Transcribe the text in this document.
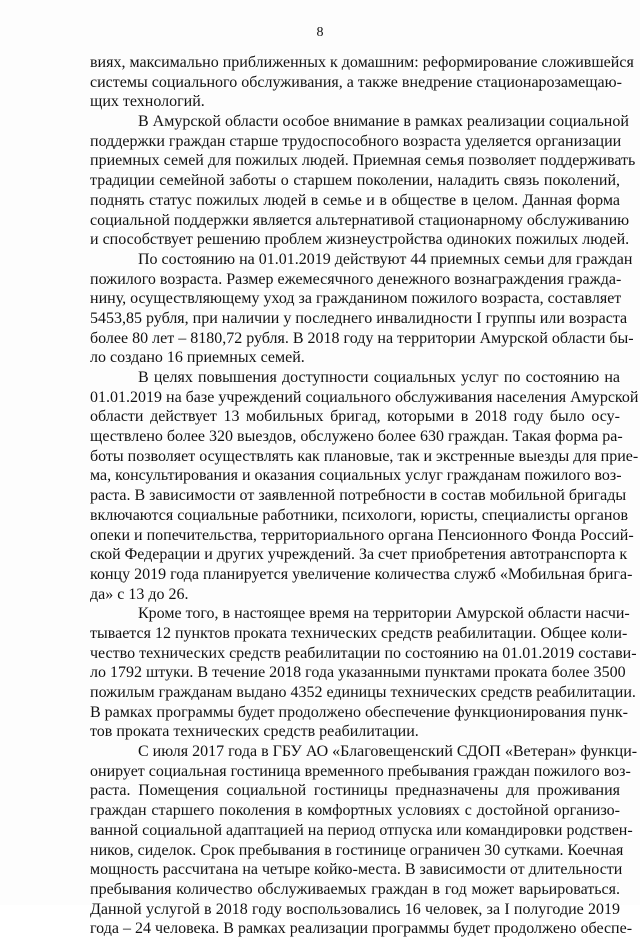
8
виях, максимально приближенных к домашним: реформирование сложившейся
системы социального обслуживания, а также внедрение стационарозамещаю-
щих технологий.
В Амурской области особое внимание в рамках реализации социальной
поддержки граждан старше трудоспособного возраста уделяется организации
приемных семей для пожилых людей. Приемная семья позволяет поддерживать
традиции семейной заботы о старшем поколении, наладить связь поколений,
поднять статус пожилых людей в семье и в обществе в целом. Данная форма
социальной поддержки является альтернативой стационарному обслуживанию
и способствует решению проблем жизнеустройства одиноких пожилых людей.
По состоянию на 01.01.2019 действуют 44 приемных семьи для граждан
пожилого возраста. Размер ежемесячного денежного вознаграждения гражда-
нину, осуществляющему уход за гражданином пожилого возраста, составляет
5453,85 рубля, при наличии у последнего инвалидности I группы или возраста
более 80 лет – 8180,72 рубля. В 2018 году на территории Амурской области бы-
ло создано 16 приемных семей.
В целях повышения доступности социальных услуг по состоянию на
01.01.2019 на базе учреждений социального обслуживания населения Амурской
области действует 13 мобильных бригад, которыми в 2018 году было осу-
ществлено более 320 выездов, обслужено более 630 граждан. Такая форма ра-
боты позволяет осуществлять как плановые, так и экстренные выезды для прие-
ма, консультирования и оказания социальных услуг гражданам пожилого воз-
раста. В зависимости от заявленной потребности в состав мобильной бригады
включаются социальные работники, психологи, юристы, специалисты органов
опеки и попечительства, территориального органа Пенсионного Фонда Россий-
ской Федерации и других учреждений. За счет приобретения автотранспорта к
концу 2019 года планируется увеличение количества служб «Мобильная брига-
да» с 13 до 26.
Кроме того, в настоящее время на территории Амурской области насчи-
тывается 12 пунктов проката технических средств реабилитации. Общее коли-
чество технических средств реабилитации по состоянию на 01.01.2019 состави-
ло 1792 штуки. В течение 2018 года указанными пунктами проката более 3500
пожилым гражданам выдано 4352 единицы технических средств реабилитации.
В рамках программы будет продолжено обеспечение функционирования пунк-
тов проката технических средств реабилитации.
С июля 2017 года в ГБУ АО «Благовещенский СДОП «Ветеран» функци-
онирует социальная гостиница временного пребывания граждан пожилого воз-
раста. Помещения социальной гостиницы предназначены для проживания
граждан старшего поколения в комфортных условиях с достойной организо-
ванной социальной адаптацией на период отпуска или командировки родствен-
ников, сиделок. Срок пребывания в гостинице ограничен 30 сутками. Коечная
мощность рассчитана на четыре койко-места. В зависимости от длительности
пребывания количество обслуживаемых граждан в год может варьироваться.
Данной услугой в 2018 году воспользовались 16 человек, за I полугодие 2019
года – 24 человека. В рамках реализации программы будет продолжено обеспе-
